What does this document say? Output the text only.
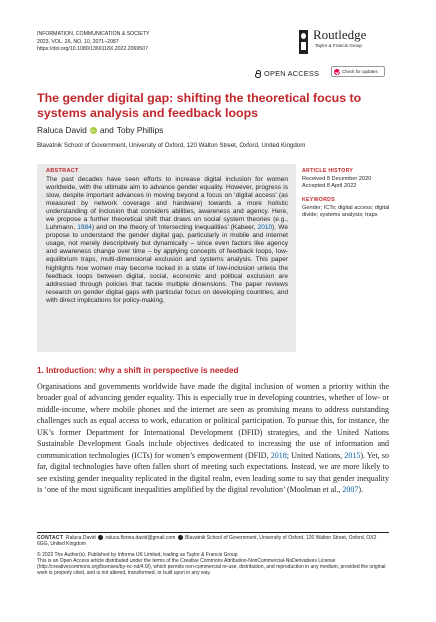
INFORMATION, COMMUNICATION & SOCIETY
2023, VOL. 26, NO. 10, 2071–2087
https://doi.org/10.1080/1369118X.2022.2069507
Routledge
Taylor & Francis Group
OPEN ACCESS	Check for updates
The gender digital gap: shifting the theoretical focus to systems analysis and feedback loops
Raluca David	iD and Toby Phillips
Blavatnik School of Government, University of Oxford, 120 Walton Street, Oxford, United Kingdom
ABSTRACT
The past decades have seen efforts to increase digital inclusion for women worldwide, with the ultimate aim to advance gender equality. However, progress is slow, despite important advances in moving beyond a focus on ‘digital access’ (as measured by network coverage and hardware) towards a more holistic understanding of inclusion that considers abilities, awareness and agency. Here, we propose a further theoretical shift that draws on social system theories (e.g., Luhmann, 1984) and on the theory of ‘intersecting inequalities’ (Kabeer, 2010). We propose to understand the gender digital gap, particularly in mobile and internet usage, not merely descriptively but dynamically – since even factors like agency and awareness change over time – by applying concepts of feedback loops, low-equilibrium traps, multi-dimensional exclusion and systems analysis. This paper highlights how women may become locked in a state of low-inclusion unless the feedback loops between digital, social, economic and political exclusion are addressed through policies that tackle multiple dimensions. The paper reviews research on gender digital gaps with particular focus on developing countries, and with direct implications for policy-making.
ARTICLE HISTORY
Received 8 December 2020
Accepted 8 April 2022
KEYWORDS
Gender; ICTs; digital access; digital divide; systems analysis; traps
1. Introduction: why a shift in perspective is needed
Organisations and governments worldwide have made the digital inclusion of women a priority within the broader goal of advancing gender equality. This is especially true in developing countries, whether of low- or middle-income, where mobile phones and the internet are seen as promising means to address outstanding challenges such as equal access to work, education or political participation. To pursue this, for instance, the UK’s former Department for International Development (DFID) strategies, and the United Nations Sustainable Development Goals include objectives dedicated to increasing the use of information and communication technologies (ICTs) for women’s empowerment (DFID, 2018; United Nations, 2015). Yet, so far, digital technologies have often fallen short of meeting such expectations. Instead, we are more likely to see existing gender inequality replicated in the digital realm, even leading some to say that gender inequality is ‘one of the most significant inequalities amplified by the digital revolution’ (Moolman et al., 2007).
CONTACT Raluca David raluca.florina.david@gmail.com Blavatnik School of Government, University of Oxford, 120 Walton Street, Oxford, OX2 6GG, United Kingdom
© 2022 The Author(s). Published by Informa UK Limited, trading as Taylor & Francis Group
This is an Open Access article distributed under the terms of the Creative Commons Attribution-NonCommercial-NoDerivatives License (http://creativecommons.org/licenses/by-nc-nd/4.0/), which permits non-commercial re-use, distribution, and reproduction in any medium, provided the original work is properly cited, and is not altered, transformed, or built upon in any way.
